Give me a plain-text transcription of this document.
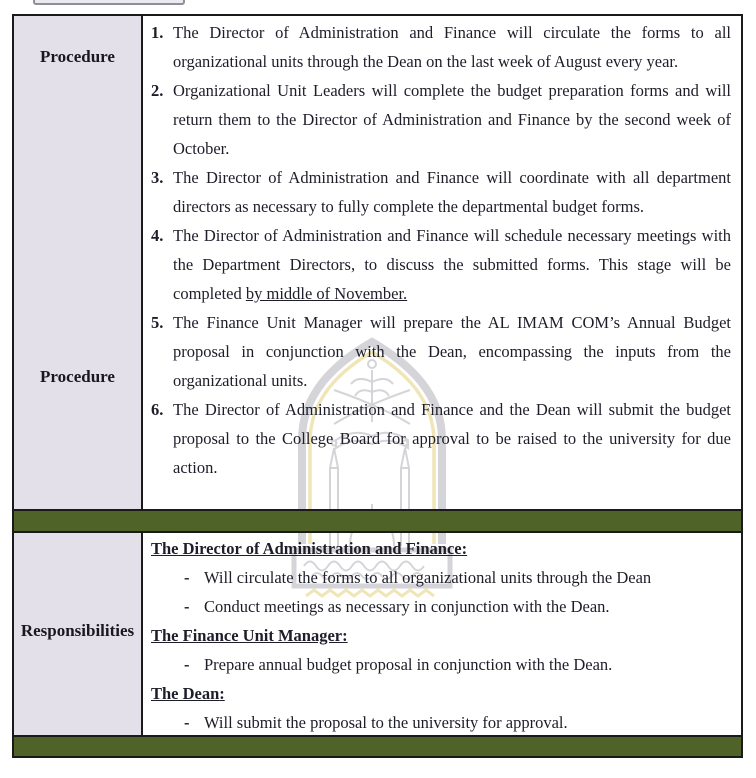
Procedure
Procedure
1. The Director of Administration and Finance will circulate the forms to all organizational units through the Dean on the last week of August every year.
2. Organizational Unit Leaders will complete the budget preparation forms and will return them to the Director of Administration and Finance by the second week of October.
3. The Director of Administration and Finance will coordinate with all department directors as necessary to fully complete the departmental budget forms.
4. The Director of Administration and Finance will schedule necessary meetings with the Department Directors, to discuss the submitted forms. This stage will be completed by middle of November.
5. The Finance Unit Manager will prepare the AL IMAM COM’s Annual Budget proposal in conjunction with the Dean, encompassing the inputs from the organizational units.
6. The Director of Administration and Finance and the Dean will submit the budget proposal to the College Board for approval to be raised to the university for due action.
Responsibilities
The Director of Administration and Finance:
- Will circulate the forms to all organizational units through the Dean
- Conduct meetings as necessary in conjunction with the Dean.
The Finance Unit Manager:
- Prepare annual budget proposal in conjunction with the Dean.
The Dean:
- Will submit the proposal to the university for approval.
